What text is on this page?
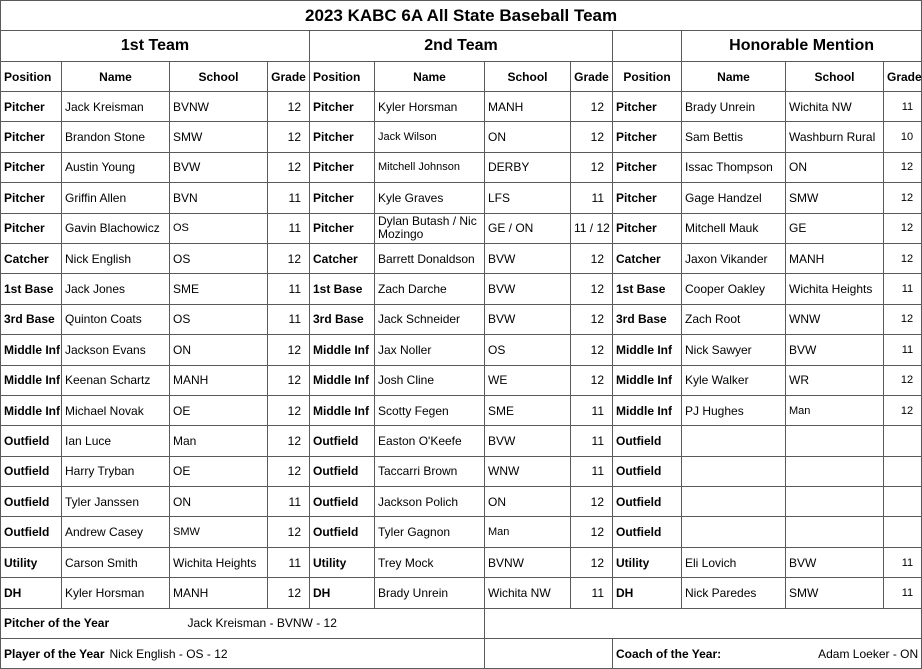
2023 KABC 6A All State Baseball Team											
1st Team				2nd Team					Honorable Mention		
Position	Name	School	Grade	Position	Name	School	Grade	Position	Name	School	Grade
Pitcher	Jack Kreisman	BVNW	12	Pitcher	Kyler Horsman	MANH	12	Pitcher	Brady Unrein	Wichita NW	11
Pitcher	Brandon Stone	SMW	12	Pitcher	Jack Wilson	ON	12	Pitcher	Sam Bettis	Washburn Rural	10
Pitcher	Austin Young	BVW	12	Pitcher	Mitchell Johnson	DERBY	12	Pitcher	Issac Thompson	ON	12
Pitcher	Griffin Allen	BVN	11	Pitcher	Kyle Graves	LFS	11	Pitcher	Gage Handzel	SMW	12
Pitcher	Gavin Blachowicz	OS	11	Pitcher	Dylan Butash / Nic Mozingo	GE / ON	11 / 12	Pitcher	Mitchell Mauk	GE	12
Catcher	Nick English	OS	12	Catcher	Barrett Donaldson	BVW	12	Catcher	Jaxon Vikander	MANH	12
1st Base	Jack Jones	SME	11	1st Base	Zach Darche	BVW	12	1st Base	Cooper Oakley	Wichita Heights	11
3rd Base	Quinton Coats	OS	11	3rd Base	Jack Schneider	BVW	12	3rd Base	Zach Root	WNW	12
Middle Inf	Jackson Evans	ON	12	Middle Inf	Jax Noller	OS	12	Middle Inf	Nick Sawyer	BVW	11
Middle Inf	Keenan Schartz	MANH	12	Middle Inf	Josh Cline	WE	12	Middle Inf	Kyle Walker	WR	12
Middle Inf	Michael Novak	OE	12	Middle Inf	Scotty Fegen	SME	11	Middle Inf	PJ Hughes	Man	12
Outfield	Ian Luce	Man	12	Outfield	Easton O'Keefe	BVW	11	Outfield			
Outfield	Harry Tryban	OE	12	Outfield	Taccarri Brown	WNW	11	Outfield			
Outfield	Tyler Janssen	ON	11	Outfield	Jackson Polich	ON	12	Outfield			
Outfield	Andrew Casey	SMW	12	Outfield	Tyler Gagnon	Man	12	Outfield			
Utility	Carson Smith	Wichita Heights	11	Utility	Trey Mock	BVNW	12	Utility	Eli Lovich	BVW	11
DH	Kyler Horsman	MANH	12	DH	Brady Unrein	Wichita NW	11	DH	Nick Paredes	SMW	11
Pitcher of the Year			Jack Kreisman - BVNW - 12								
Player of the Year		Nick English - OS - 12						Coach of the Year:		Adam Loeker - ON	
